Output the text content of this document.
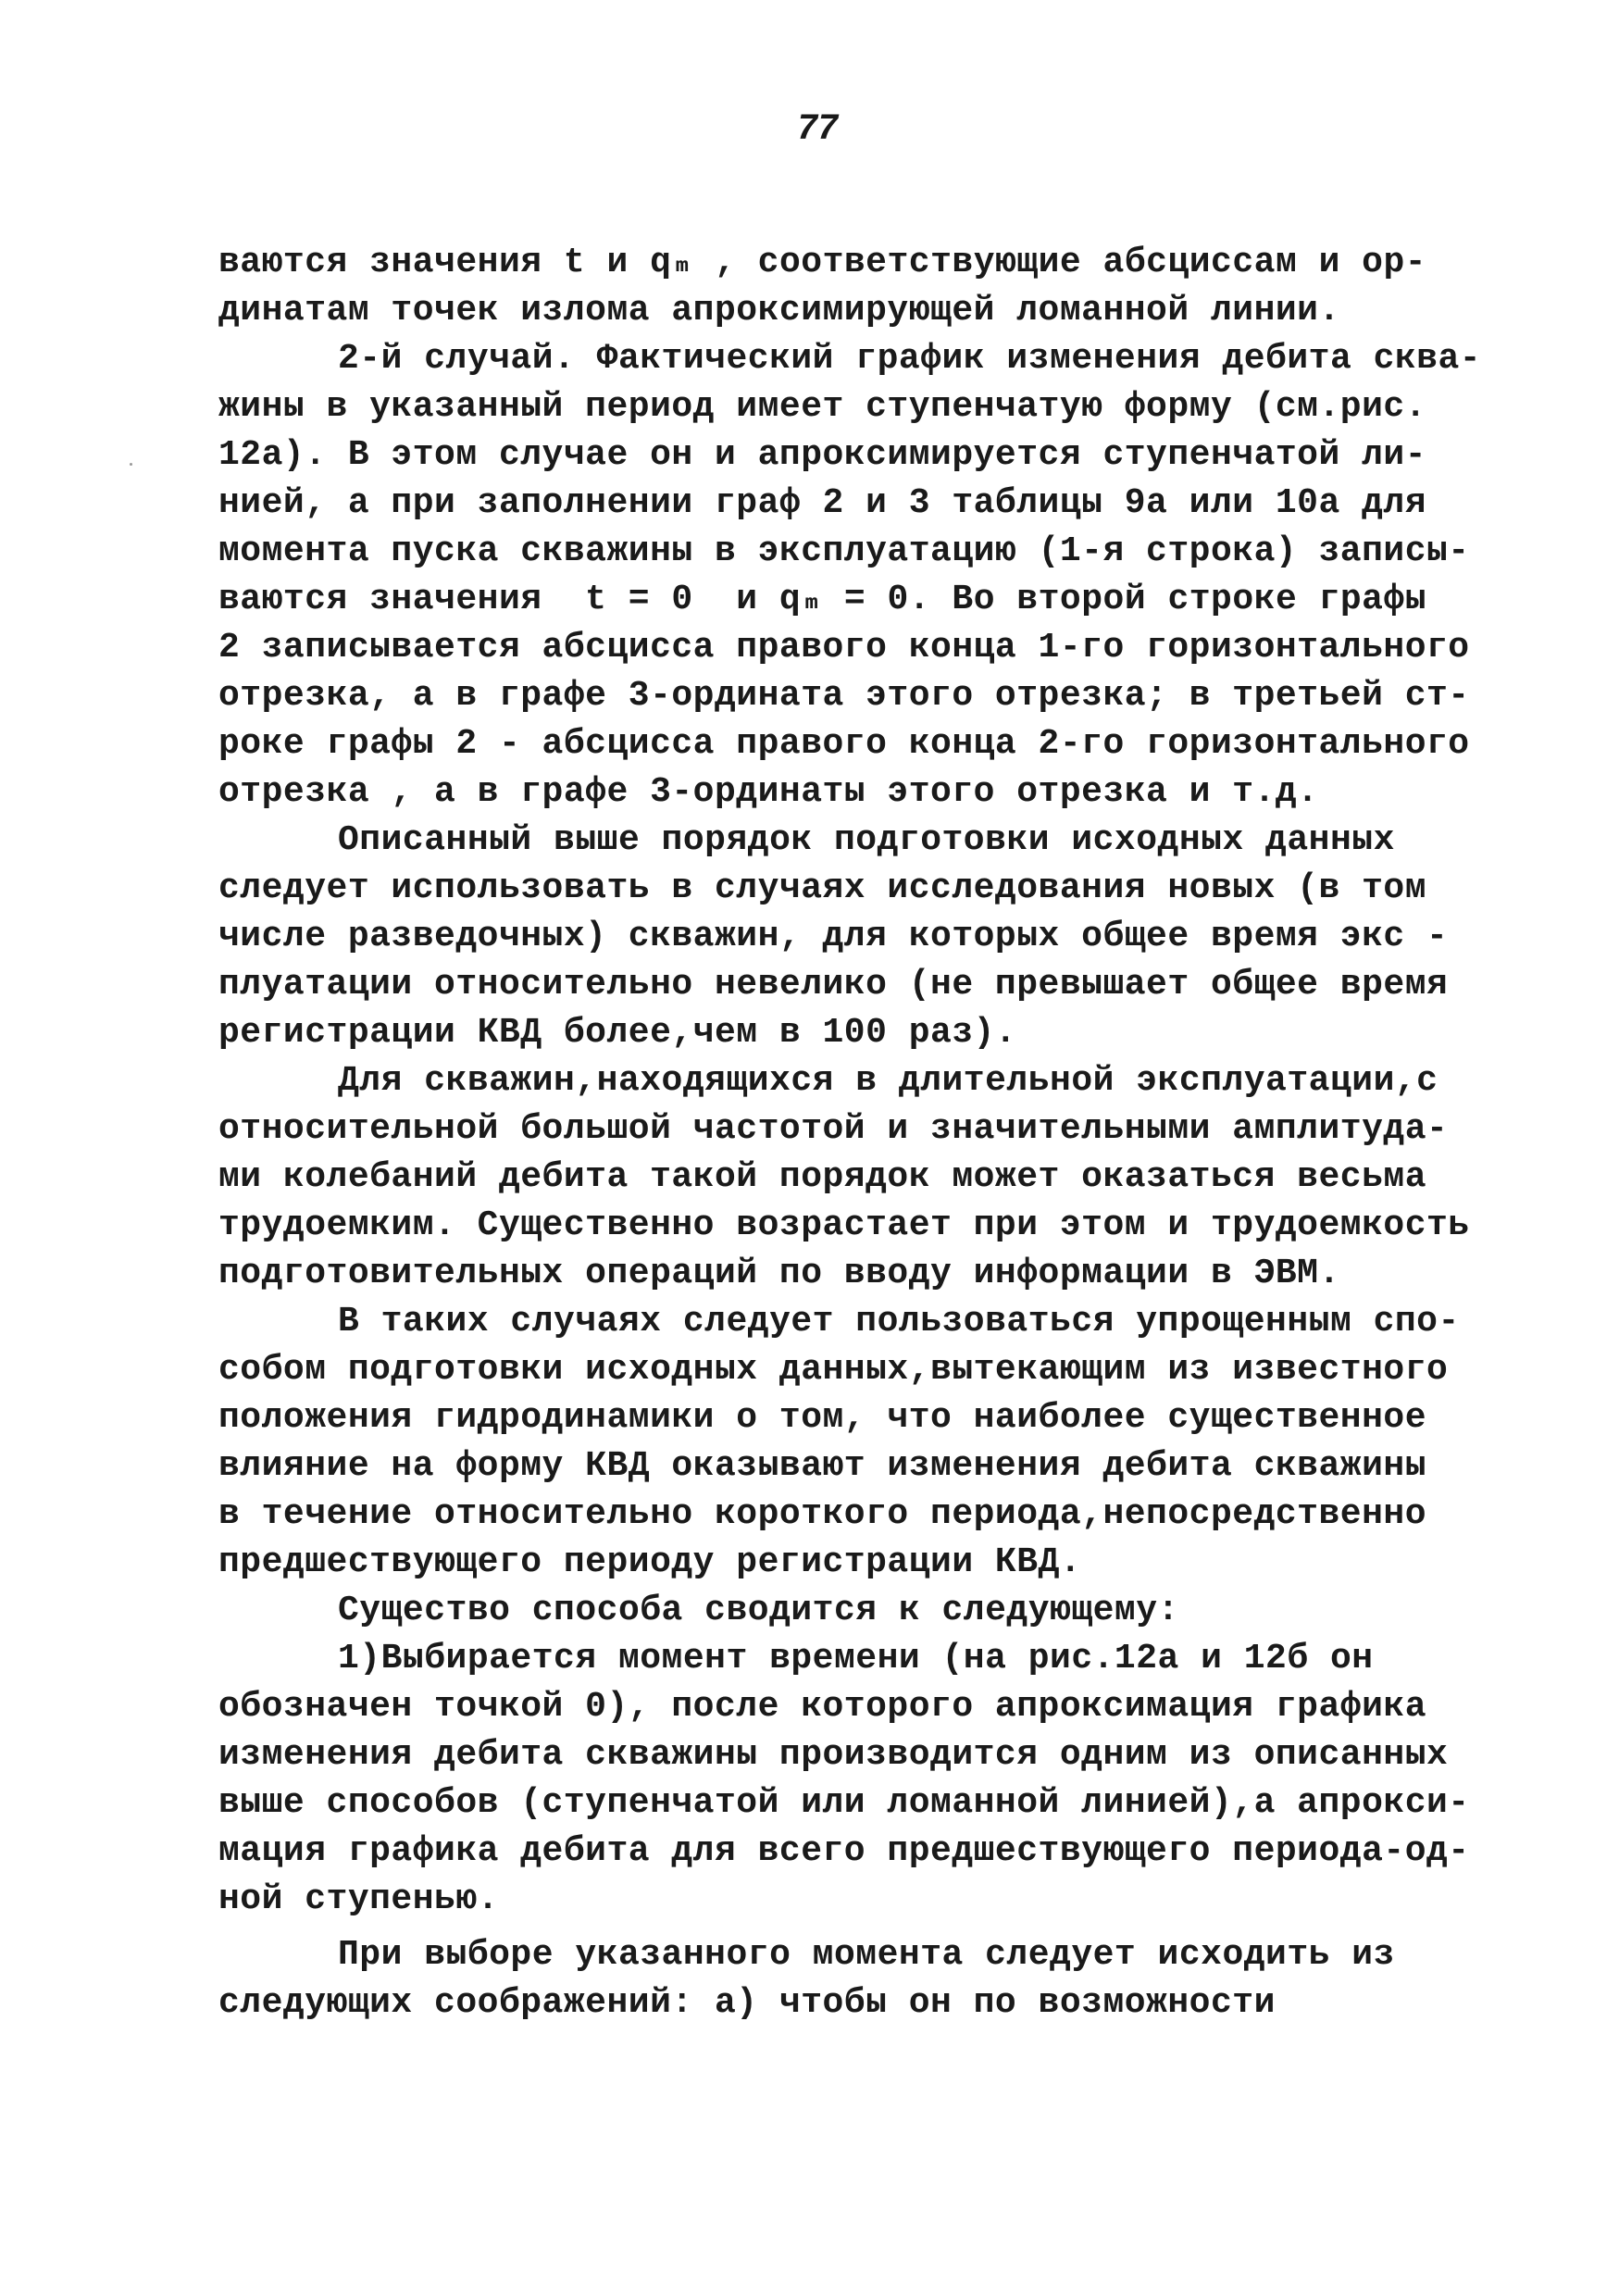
77
ваются значения t и qₘ , соответствующие абсциссам и ор-
динатам точек излома апроксимирующей ломанной линии.
2-й случай. Фактический график изменения дебита сква-
жины в указанный период имеет ступенчатую форму (см.рис.
12а). В этом случае он и апроксимируется ступенчатой ли-
нией, а при заполнении граф 2 и 3 таблицы 9а или 10а для
момента пуска скважины в эксплуатацию (1-я строка) записы-
ваются значения  t = 0  и qₘ = 0. Во второй строке графы
2 записывается абсцисса правого конца 1-го горизонтального
отрезка, а в графе 3-ордината этого отрезка; в третьей ст-
роке графы 2 - абсцисса правого конца 2-го горизонтального
отрезка , а в графе 3-ординаты этого отрезка и т.д.
Описанный выше порядок подготовки исходных данных
следует использовать в случаях исследования новых (в том
числе разведочных) скважин, для которых общее время экс -
плуатации относительно невелико (не превышает общее время
регистрации КВД более,чем в 100 раз).
Для скважин,находящихся в длительной эксплуатации,с
относительной большой частотой и значительными амплитуда-
ми колебаний дебита такой порядок может оказаться весьма
трудоемким. Существенно возрастает при этом и трудоемкость
подготовительных операций по вводу информации в ЭВМ.
В таких случаях следует пользоваться упрощенным спо-
собом подготовки исходных данных,вытекающим из известного
положения гидродинамики о том, что наиболее существенное
влияние на форму КВД оказывают изменения дебита скважины
в течение относительно короткого периода,непосредственно
предшествующего периоду регистрации КВД.
Существо способа сводится к следующему:
1)Выбирается момент времени (на рис.12а и 12б он
обозначен точкой 0), после которого апроксимация графика
изменения дебита скважины производится одним из описанных
выше способов (ступенчатой или ломанной линией),а апрокси-
мация графика дебита для всего предшествующего периода-од-
ной ступенью.
При выборе указанного момента следует исходить из
следующих соображений: а) чтобы он по возможности
